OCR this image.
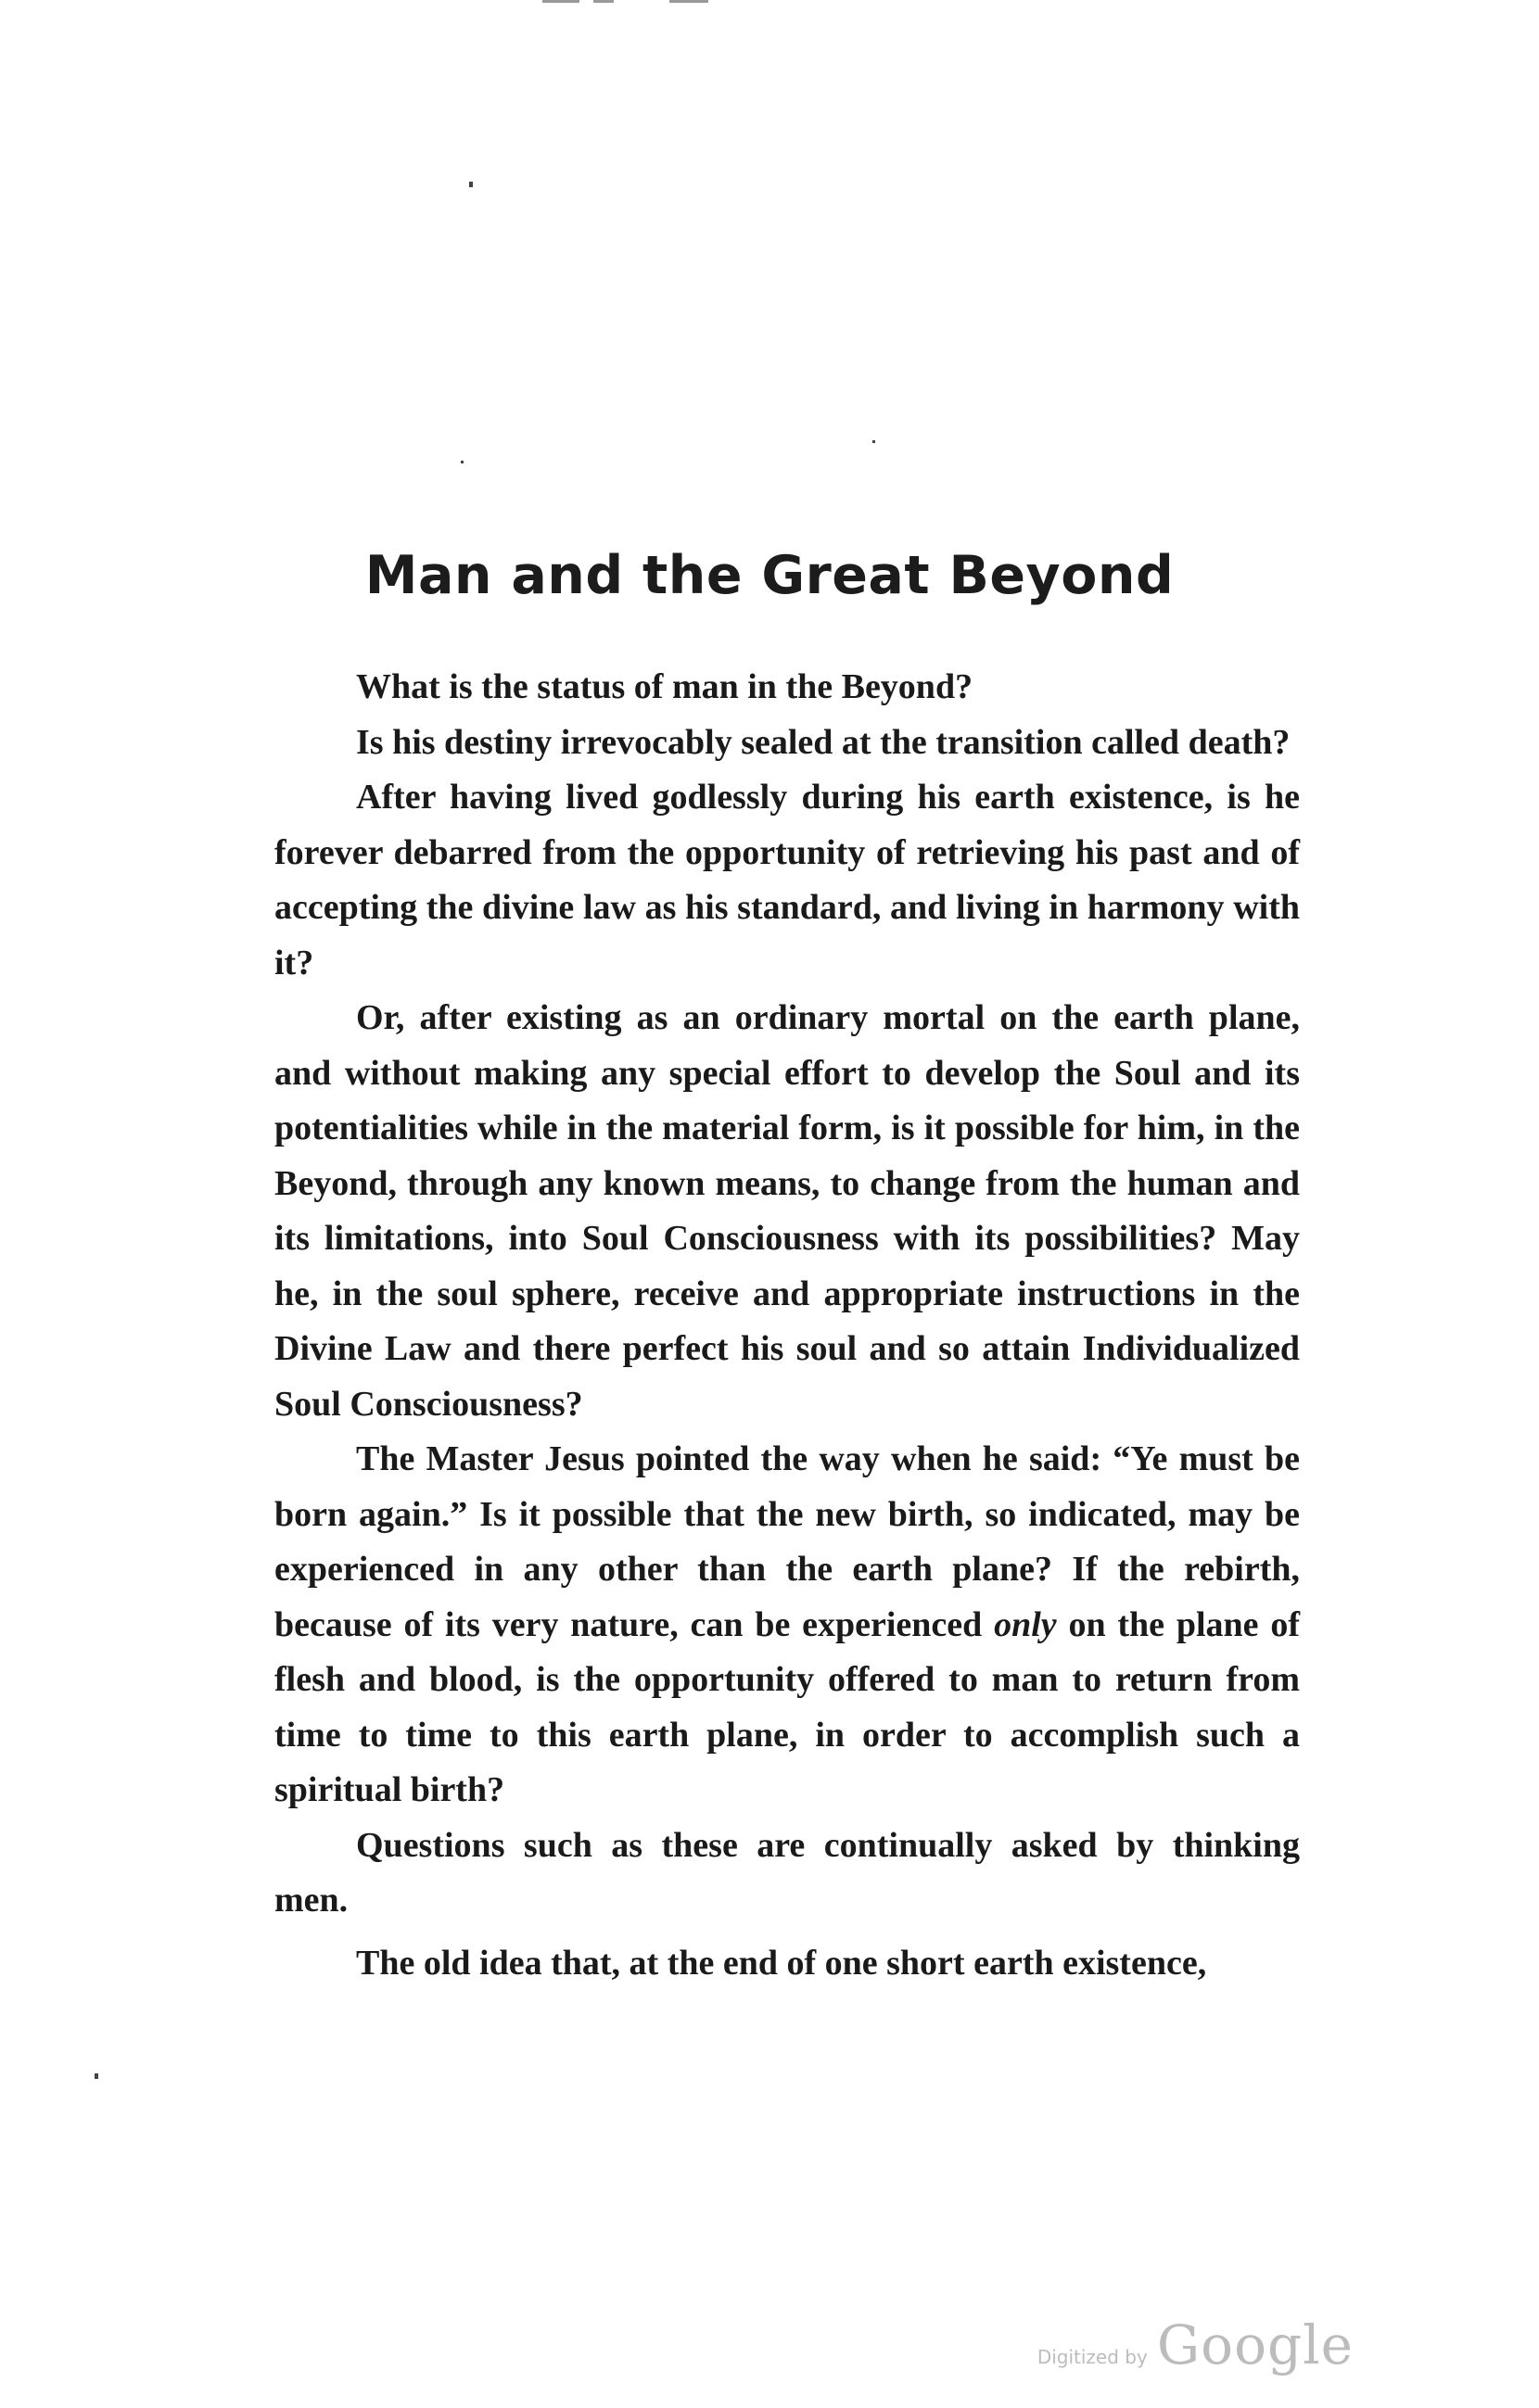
Man and the Great Beyond

What is the status of man in the Beyond?

Is his destiny irrevocably sealed at the transition called death?

After having lived godlessly during his earth existence, is he forever debarred from the opportunity of retrieving his past and of accepting the divine law as his standard, and living in harmony with it?

Or, after existing as an ordinary mortal on the earth plane, and without making any special effort to develop the Soul and its potentialities while in the material form, is it possible for him, in the Beyond, through any known means, to change from the human and its limitations, into Soul Consciousness with its possibilities? May he, in the soul sphere, receive and appropriate instructions in the Divine Law and there perfect his soul and so attain Individualized Soul Consciousness?

The Master Jesus pointed the way when he said: “Ye must be born again.” Is it possible that the new birth, so indicated, may be experienced in any other than the earth plane? If the rebirth, because of its very nature, can be experienced only on the plane of flesh and blood, is the opportunity offered to man to return from time to time to this earth plane, in order to accomplish such a spiritual birth?

Questions such as these are continually asked by thinking men.

The old idea that, at the end of one short earth existence,

Digitized by Google
